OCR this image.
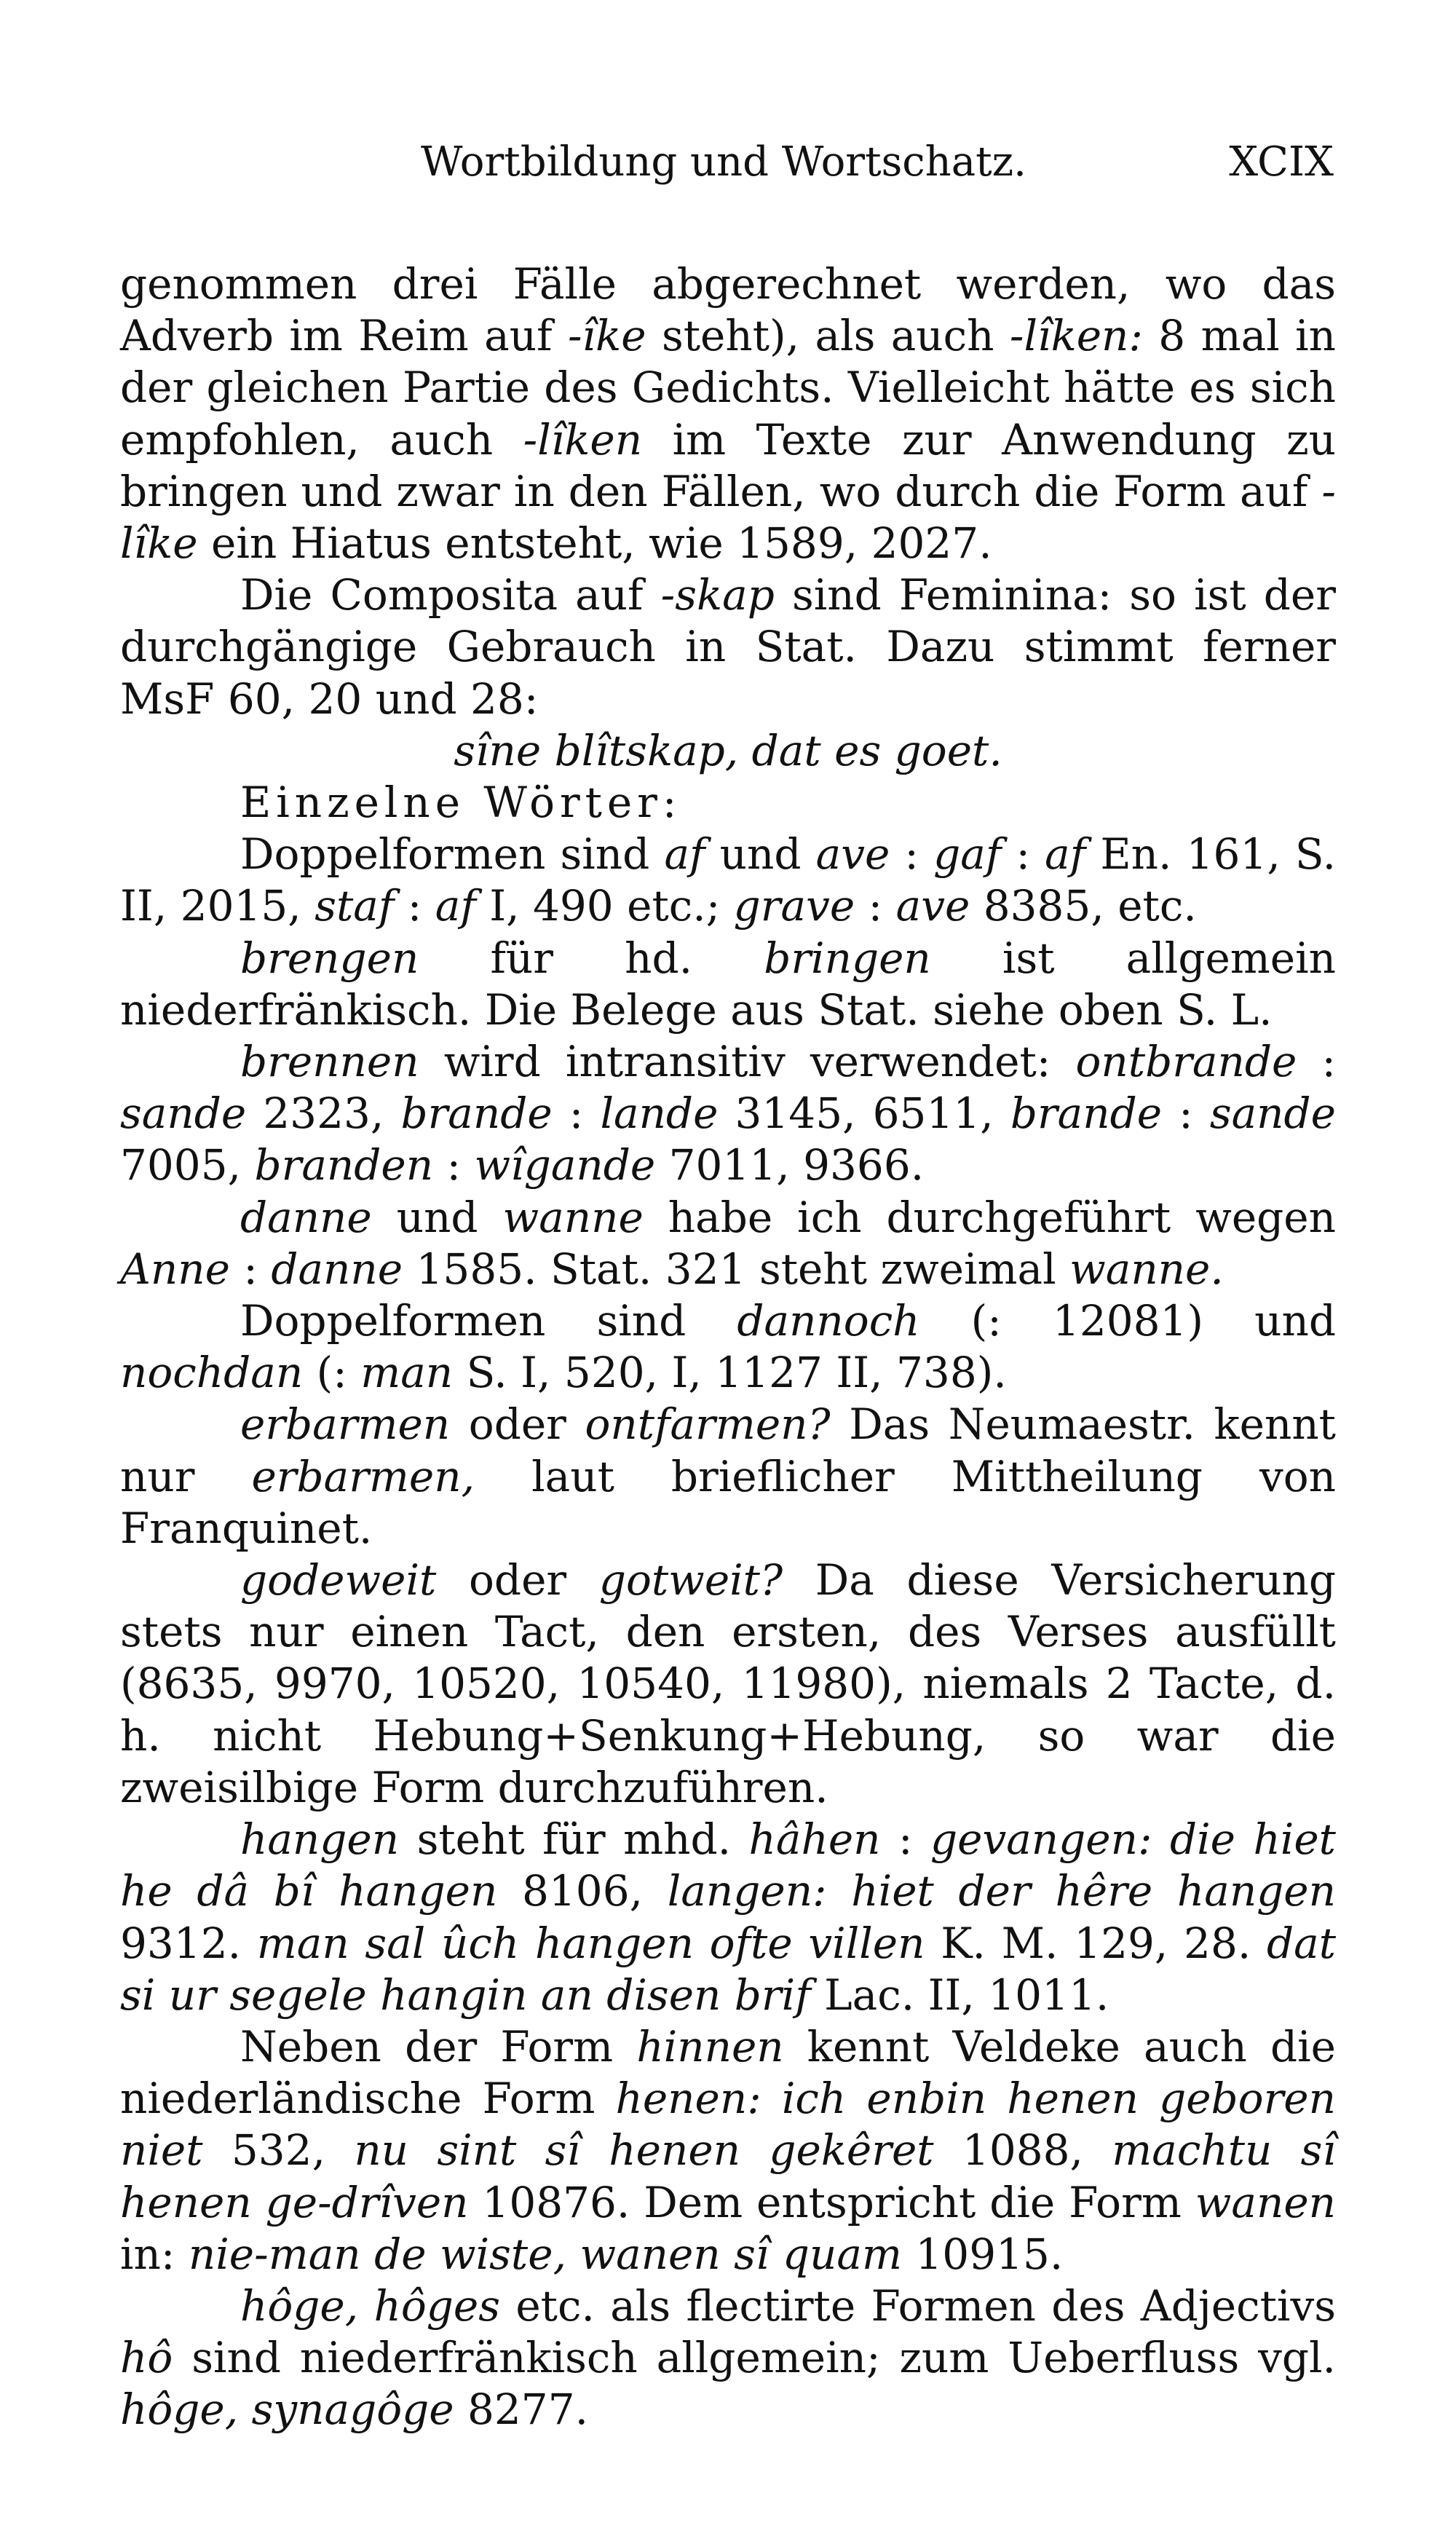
Wortbildung und Wortschatz.	XCIX

genommen drei Fälle abgerechnet werden, wo das Adverb im Reim auf -îke steht), als auch -lîken: 8 mal in der gleichen Partie des Gedichts. Vielleicht hätte es sich empfohlen, auch -lîken im Texte zur Anwendung zu bringen und zwar in den Fällen, wo durch die Form auf -lîke ein Hiatus entsteht, wie 1589, 2027.

Die Composita auf -skap sind Feminina: so ist der durchgängige Gebrauch in Stat. Dazu stimmt ferner MsF 60, 20 und 28:

sîne blîtskap, dat es goet.

Einzelne Wörter:

Doppelformen sind af und ave : gaf : af En. 161, S. II, 2015, staf : af I, 490 etc.; grave : ave 8385, etc.

brengen für hd. bringen ist allgemein niederfränkisch. Die Belege aus Stat. siehe oben S. L.

brennen wird intransitiv verwendet: ontbrande : sande 2323, brande : lande 3145, 6511, brande : sande 7005, branden : wîgande 7011, 9366.

danne und wanne habe ich durchgeführt wegen Anne : danne 1585. Stat. 321 steht zweimal wanne.

Doppelformen sind dannoch (: 12081) und nochdan (: man S. I, 520, I, 1127 II, 738).

erbarmen oder ontfarmen? Das Neumaestr. kennt nur erbarmen, laut brieflicher Mittheilung von Franquinet.

godeweit oder gotweit? Da diese Versicherung stets nur einen Tact, den ersten, des Verses ausfüllt (8635, 9970, 10520, 10540, 11980), niemals 2 Tacte, d. h. nicht Hebung+Senkung+Hebung, so war die zweisilbige Form durchzuführen.

hangen steht für mhd. hâhen : gevangen: die hiet he dâ bî hangen 8106, langen: hiet der hêre hangen 9312. man sal ûch hangen ofte villen K. M. 129, 28. dat si ur segele hangin an disen brif Lac. II, 1011.

Neben der Form hinnen kennt Veldeke auch die niederländische Form henen: ich enbin henen geboren niet 532, nu sint sî henen gekêret 1088, machtu sî henen ge-drîven 10876. Dem entspricht die Form wanen in: nie-man de wiste, wanen sî quam 10915.

hôge, hôges etc. als flectirte Formen des Adjectivs hô sind niederfränkisch allgemein; zum Ueberfluss vgl. hôge, synagôge 8277.
